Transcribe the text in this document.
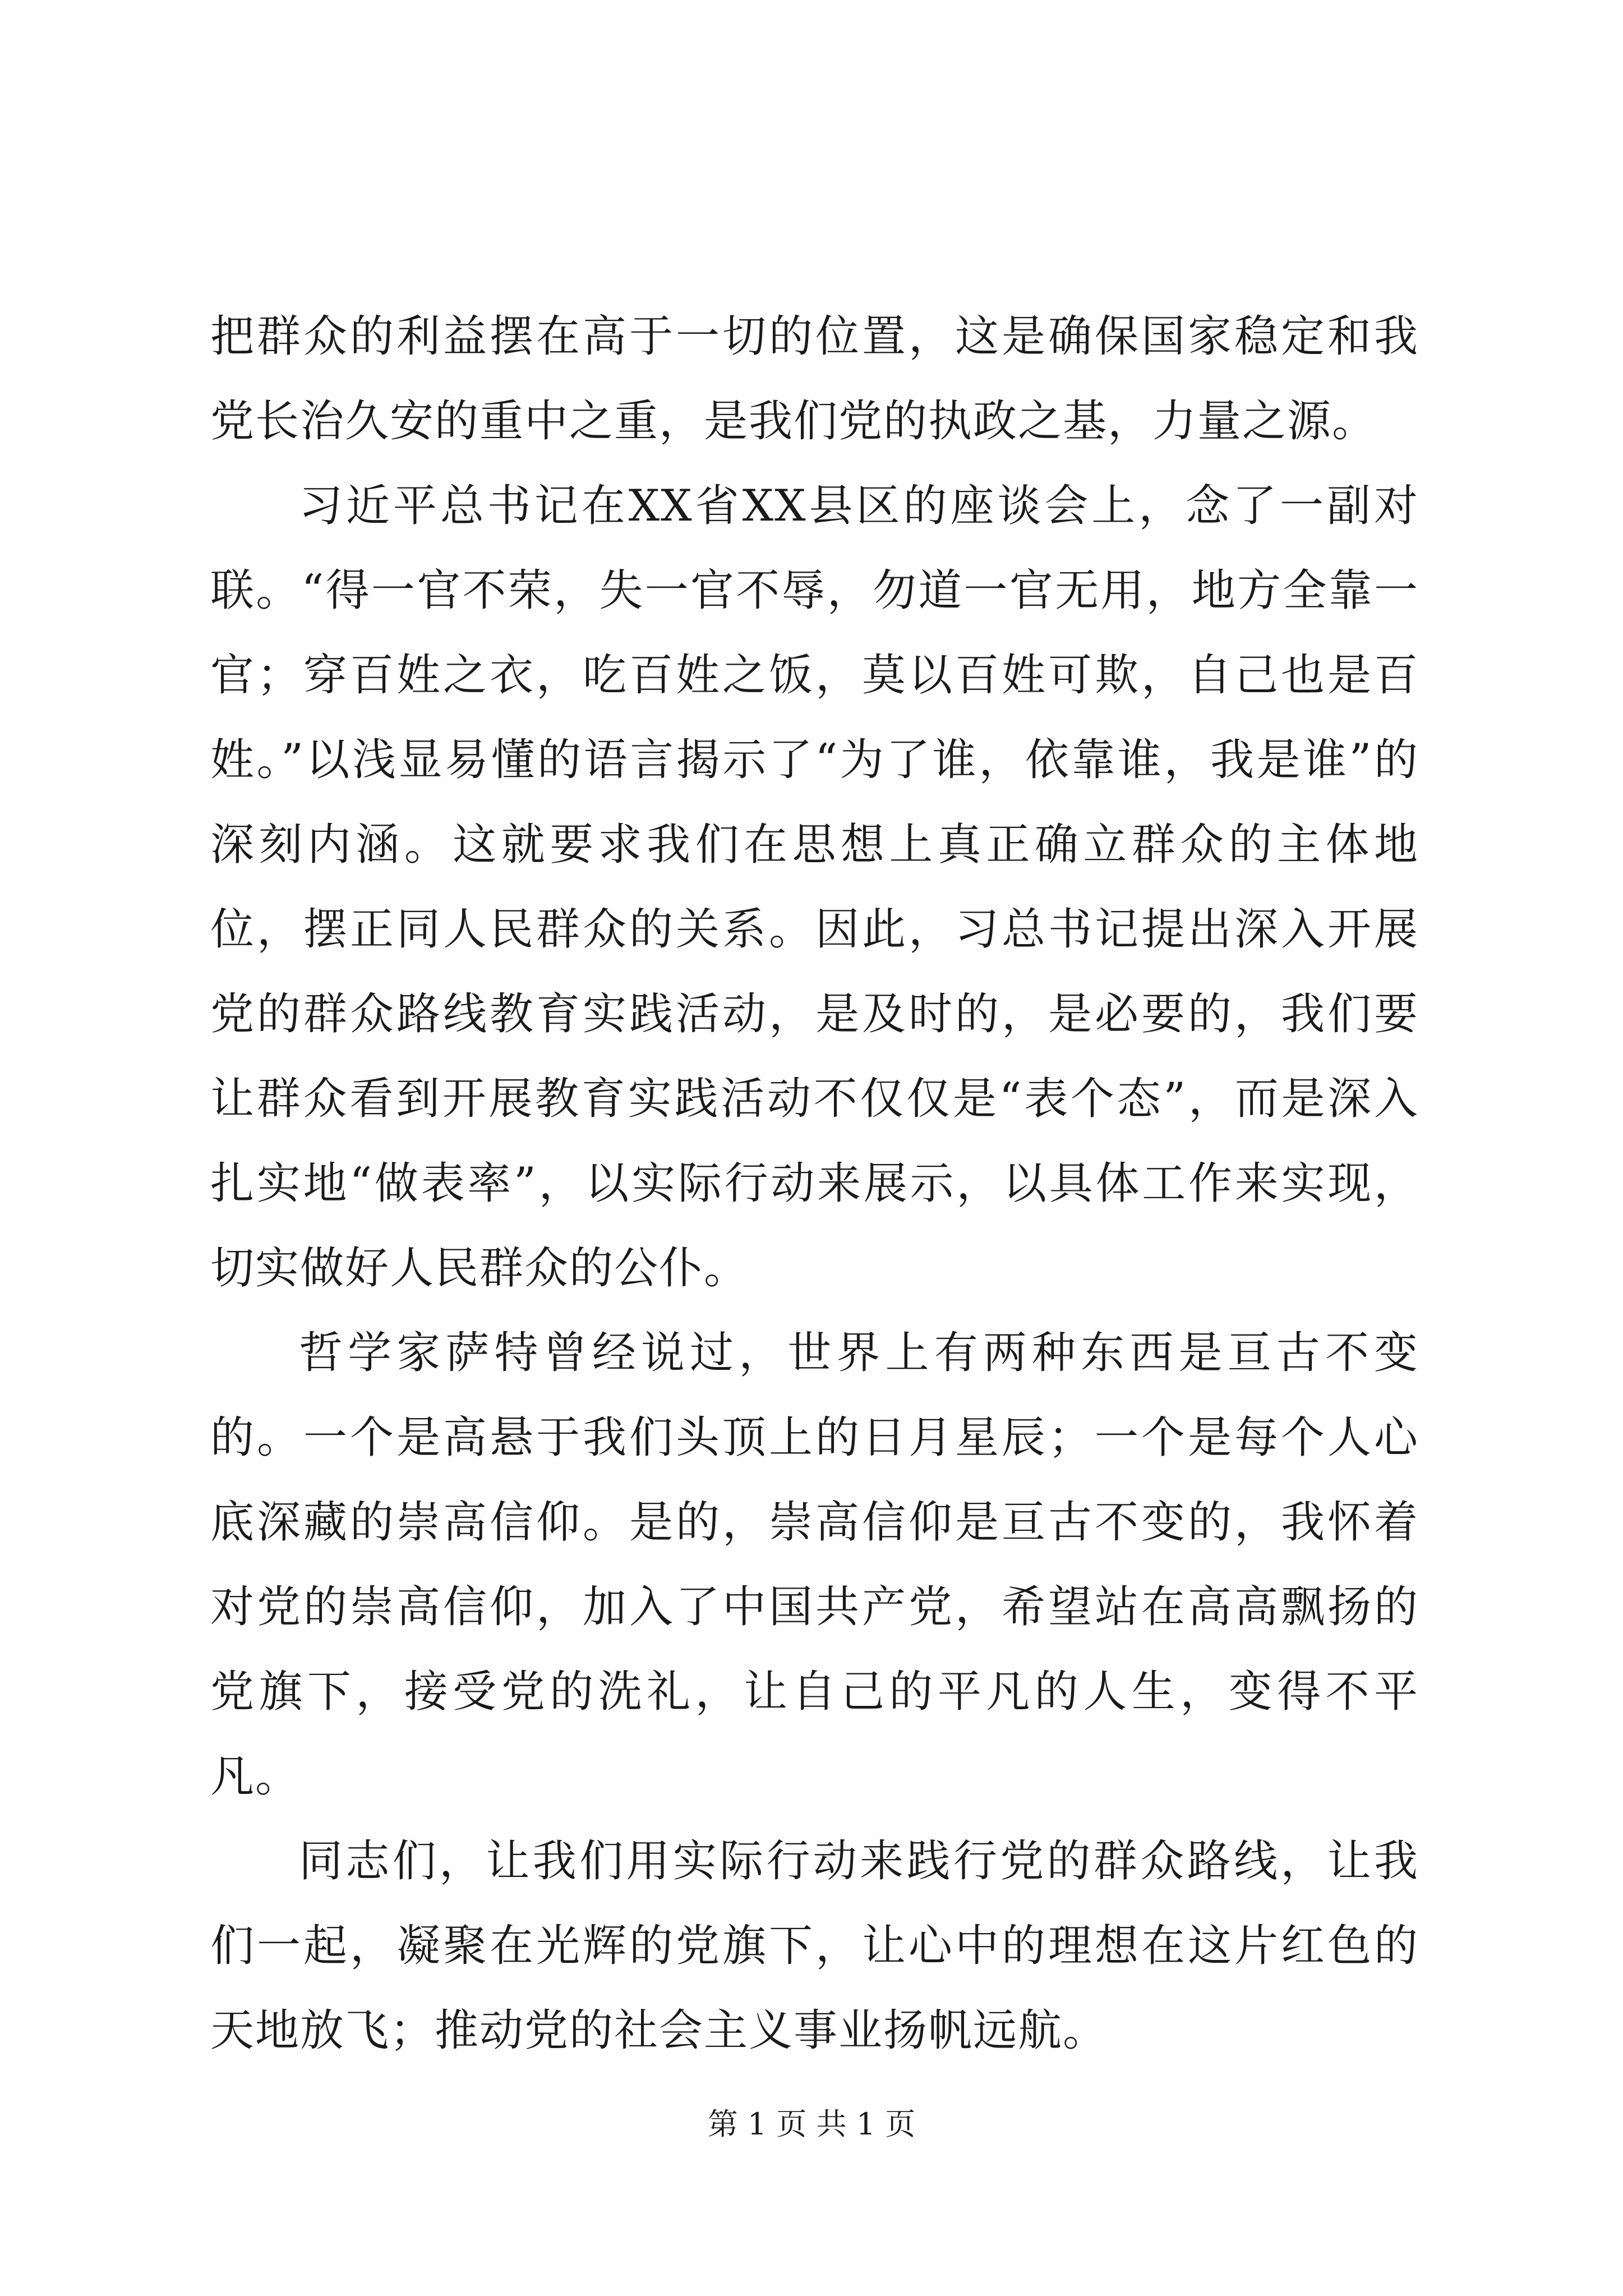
把群众的利益摆在高于一切的位置，这是确保国家稳定和我党长治久安的重中之重，是我们党的执政之基，力量之源。

习近平总书记在XX省XX县区的座谈会上，念了一副对联。“得一官不荣，失一官不辱，勿道一官无用，地方全靠一官；穿百姓之衣，吃百姓之饭，莫以百姓可欺，自己也是百姓。”以浅显易懂的语言揭示了“为了谁，依靠谁，我是谁”的深刻内涵。这就要求我们在思想上真正确立群众的主体地位，摆正同人民群众的关系。因此，习总书记提出深入开展党的群众路线教育实践活动，是及时的，是必要的，我们要让群众看到开展教育实践活动不仅仅是“表个态”，而是深入扎实地“做表率”，以实际行动来展示，以具体工作来实现，切实做好人民群众的公仆。

哲学家萨特曾经说过，世界上有两种东西是亘古不变的。一个是高悬于我们头顶上的日月星辰；一个是每个人心底深藏的崇高信仰。是的，崇高信仰是亘古不变的，我怀着对党的崇高信仰，加入了中国共产党，希望站在高高飘扬的党旗下，接受党的洗礼，让自己的平凡的人生，变得不平凡。

同志们，让我们用实际行动来践行党的群众路线，让我们一起，凝聚在光辉的党旗下，让心中的理想在这片红色的天地放飞；推动党的社会主义事业扬帆远航。

第 1 页 共 1 页
